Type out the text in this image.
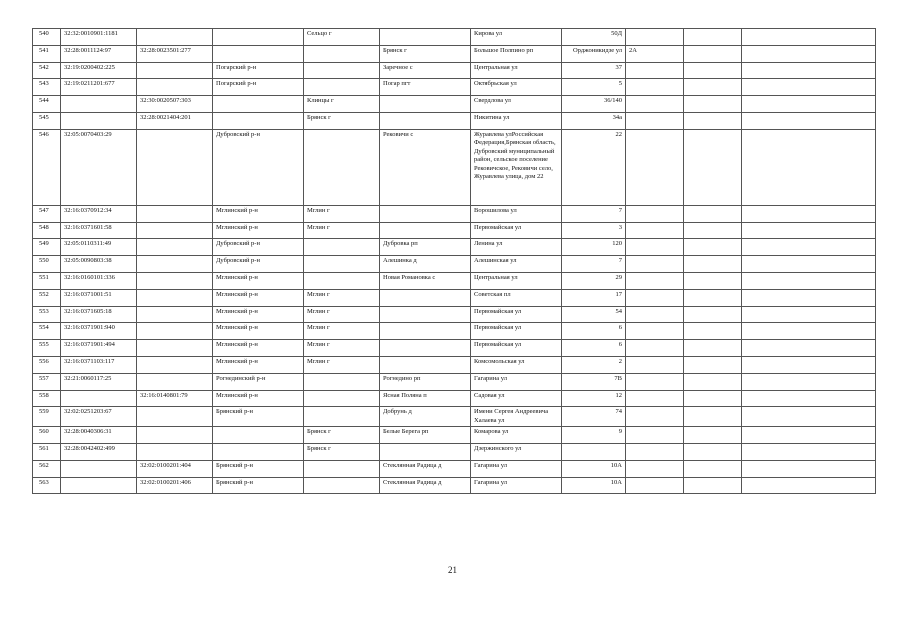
540	32:32:0010901:1181			Сельцо г		Кирова ул	50Д			
541	32:28:0011124:97	32:28:0023501:277			Брянск г	Большое Полпино рп	Орджоникидзе ул	2А		
542	32:19:0200402:225		Погарский р-н		Заречное с	Центральная ул	37			
543	32:19:0211201:677		Погарский р-н		Погар пгт	Октябрьская ул	5			
544		32:30:0020507:303		Клинцы г		Свердлова ул	36/140			
545		32:28:0021404:201		Брянск г		Никитина ул	34а			
546	32:05:0070403:29		Дубровский р-н		Рековичи с	Журавлева улРоссийская Федерация,Брянская область, Дубровский муниципальный район, сельское поселение Рековичское, Рековичи село, Журавлева улица, дом 22	22			
547	32:16:0370912:34		Мглинский р-н	Мглин г		Ворошилова ул	7			
548	32:16:0371601:58		Мглинский р-н	Мглин г		Первомайская ул	3			
549	32:05:0110311:49		Дубровский р-н		Дубровка рп	Ленина ул	120			
550	32:05:0090803:38		Дубровский р-н		Алешинка д	Алешинская ул	7			
551	32:16:0160101:336		Мглинский р-н		Новая Романовка с	Центральная ул	29			
552	32:16:0371001:51		Мглинский р-н	Мглин г		Советская пл	17			
553	32:16:0371605:18		Мглинский р-н	Мглин г		Первомайская ул	54			
554	32:16:0371901:940		Мглинский р-н	Мглин г		Первомайская ул	6			
555	32:16:0371901:494		Мглинский р-н	Мглин г		Первомайская ул	6			
556	32:16:0371103:117		Мглинский р-н	Мглин г		Комсомольская ул	2			
557	32:21:0060117:25		Рогнединский р-н		Рогнедино рп	Гагарина ул	7В			
558		32:16:0140801:79	Мглинский р-н		Ясная Поляна п	Садовая ул	12			
559	32:02:0251203:67		Брянский р-н		Добрунь д	Имени Сергея Андреевича Халаева ул	74			
560	32:28:0040306:31			Брянск г	Белые Берега рп	Комарова ул	9			
561	32:28:0042402:499			Брянск г		Дзержинского ул				
562		32:02:0100201:404	Брянский р-н		Стеклянная Радица д	Гагарина ул	10А			
563		32:02:0100201:406	Брянский р-н		Стеклянная Радица д	Гагарина ул	10А			
21
